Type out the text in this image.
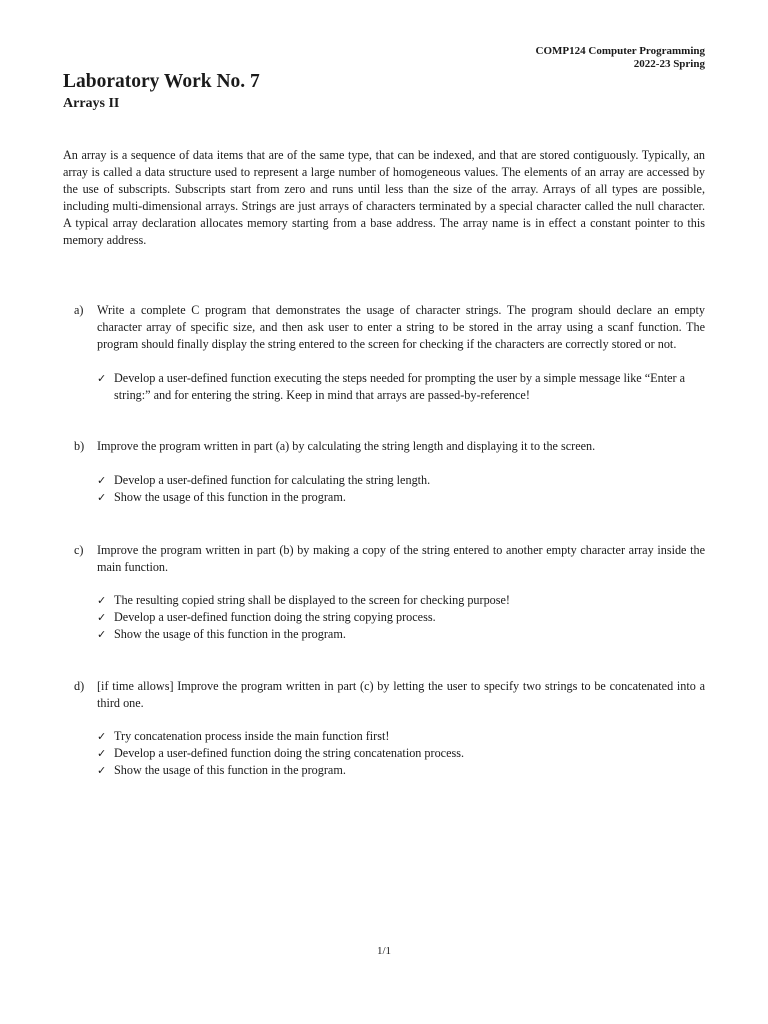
COMP124 Computer Programming
2022-23 Spring
Laboratory Work No. 7
Arrays II
An array is a sequence of data items that are of the same type, that can be indexed, and that are stored contiguously. Typically, an array is called a data structure used to represent a large number of homogeneous values. The elements of an array are accessed by the use of subscripts. Subscripts start from zero and runs until less than the size of the array. Arrays of all types are possible, including multi-dimensional arrays. Strings are just arrays of characters terminated by a special character called the null character. A typical array declaration allocates memory starting from a base address. The array name is in effect a constant pointer to this memory address.
a) Write a complete C program that demonstrates the usage of character strings. The program should declare an empty character array of specific size, and then ask user to enter a string to be stored in the array using a scanf function. The program should finally display the string entered to the screen for checking if the characters are correctly stored or not.
✓ Develop a user-defined function executing the steps needed for prompting the user by a simple message like “Enter a string:” and for entering the string. Keep in mind that arrays are passed-by-reference!
b) Improve the program written in part (a) by calculating the string length and displaying it to the screen.
✓ Develop a user-defined function for calculating the string length.
✓ Show the usage of this function in the program.
c) Improve the program written in part (b) by making a copy of the string entered to another empty character array inside the main function.
✓ The resulting copied string shall be displayed to the screen for checking purpose!
✓ Develop a user-defined function doing the string copying process.
✓ Show the usage of this function in the program.
d) [if time allows] Improve the program written in part (c) by letting the user to specify two strings to be concatenated into a third one.
✓ Try concatenation process inside the main function first!
✓ Develop a user-defined function doing the string concatenation process.
✓ Show the usage of this function in the program.
1/1
